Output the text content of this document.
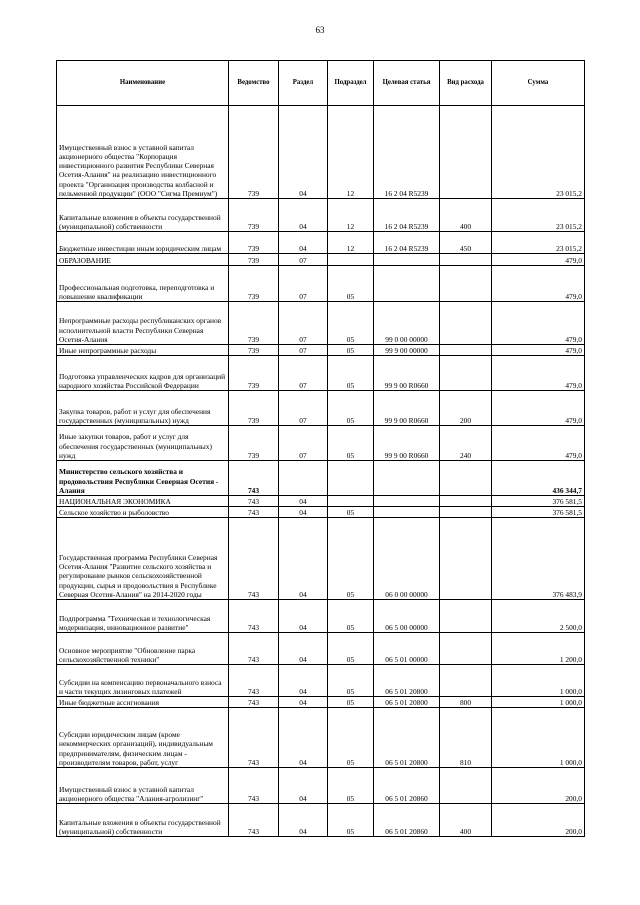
63
Наименование	Ведомство	Раздел	Подраздел	Целевая статья	Вид расхода	Сумма
Имущественный взнос в уставной капитал акционерного общества "Корпорация инвестиционного развития Республики Северная Осетия-Алания" на реализацию инвестиционного проекта "Организация производства колбасной и пельменной продукции" (ООО "Сигма Премиум")	739	04	12	16 2 04 R5239		23 015,2
Капитальные вложения в объекты государственной (муниципальной) собственности	739	04	12	16 2 04 R5239	400	23 015,2
Бюджетные инвестиции иным юридическим лицам	739	04	12	16 2 04 R5239	450	23 015,2
ОБРАЗОВАНИЕ	739	07				479,0
Профессиональная подготовка, переподготовка и повышение квалификации	739	07	05			479,0
Непрограммные расходы республиканских органов исполнительной власти Республики Северная Осетия-Алания	739	07	05	99 0 00 00000		479,0
Иные непрограммные расходы	739	07	05	99 9 00 00000		479,0
Подготовка управленческих кадров для организаций народного хозяйства Российской Федерации	739	07	05	99 9 00 R0660		479,0
Закупка товаров, работ и услуг для обеспечения государственных (муниципальных) нужд	739	07	05	99 9 00 R0660	200	479,0
Иные закупки товаров, работ и услуг для обеспечения государственных (муниципальных) нужд	739	07	05	99 9 00 R0660	240	479,0
Министерство сельского хозяйства и продовольствия Республики Северная Осетия - Алания	743					436 344,7
НАЦИОНАЛЬНАЯ ЭКОНОМИКА	743	04				376 581,5
Сельское хозяйство и рыболовство	743	04	05			376 581,5
Государственная программа Республики Северная Осетия-Алания "Развитие сельского хозяйства и регулирование рынков сельскохозяйственной продукции, сырья и продовольствия в Республике Северная Осетия-Алания" на 2014-2020 годы	743	04	05	06 0 00 00000		376 483,9
Подпрограмма "Техническая и технологическая модернизация, инновационное развитие"	743	04	05	06 5 00 00000		2 500,0
Основное мероприятие "Обновление парка сельскохозяйственной техники"	743	04	05	06 5 01 00000		1 200,0
Субсидии на компенсацию первоначального взноса и части текущих лизинговых платежей	743	04	05	06 5 01 20800		1 000,0
Иные бюджетные ассигнования	743	04	05	06 5 01 20800	800	1 000,0
Субсидии юридическим лицам (кроме некоммерческих организаций), индивидуальным предпринимателям, физическим лицам - производителям товаров, работ, услуг	743	04	05	06 5 01 20800	810	1 000,0
Имущественный взнос в уставной капитал акционерного общества "Алания-агролизинг"	743	04	05	06 5 01 20860		200,0
Капитальные вложения в объекты государственной (муниципальной) собственности	743	04	05	06 5 01 20860	400	200,0
